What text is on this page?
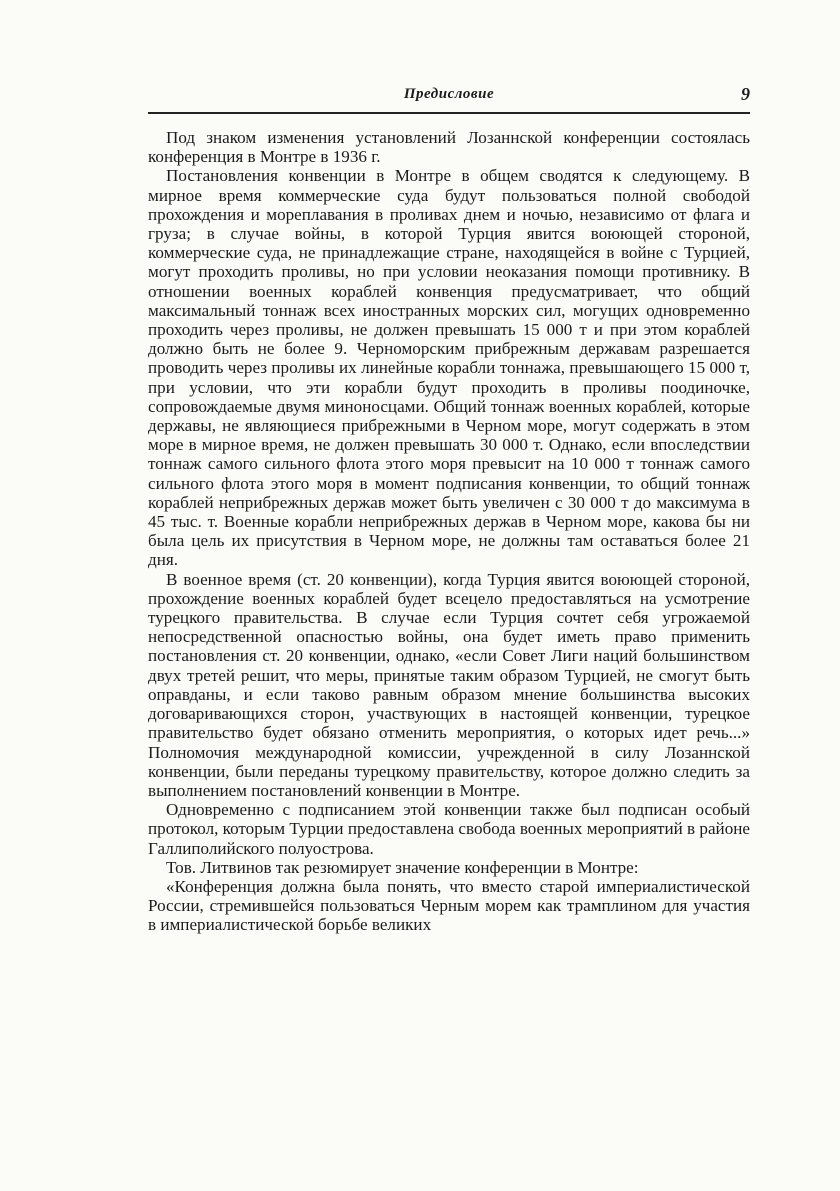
Предисловие	9

Под знаком изменения установлений Лозаннской конференции состоялась конференция в Монтре в 1936 г.

Постановления конвенции в Монтре в общем сводятся к следующему. В мирное время коммерческие суда будут пользоваться полной свободой прохождения и мореплавания в проливах днем и ночью, независимо от флага и груза; в случае войны, в которой Турция явится воюющей стороной, коммерческие суда, не принадлежащие стране, находящейся в войне с Турцией, могут проходить проливы, но при условии неоказания помощи противнику. В отношении военных кораблей конвенция предусматривает, что общий максимальный тоннаж всех иностранных морских сил, могущих одновременно проходить через проливы, не должен превышать 15 000 т и при этом кораблей должно быть не более 9. Черноморским прибрежным державам разрешается проводить через проливы их линейные корабли тоннажа, превышающего 15 000 т, при условии, что эти корабли будут проходить в проливы поодиночке, сопровождаемые двумя миноносцами. Общий тоннаж военных кораблей, которые державы, не являющиеся прибрежными в Черном море, могут содержать в этом море в мирное время, не должен превышать 30 000 т. Однако, если впоследствии тоннаж самого сильного флота этого моря превысит на 10 000 т тоннаж самого сильного флота этого моря в момент подписания конвенции, то общий тоннаж кораблей неприбрежных держав может быть увеличен с 30 000 т до максимума в 45 тыс. т. Военные корабли неприбрежных держав в Черном море, какова бы ни была цель их присутствия в Черном море, не должны там оставаться более 21 дня.

В военное время (ст. 20 конвенции), когда Турция явится воюющей стороной, прохождение военных кораблей будет всецело предоставляться на усмотрение турецкого правительства. В случае если Турция сочтет себя угрожаемой непосредственной опасностью войны, она будет иметь право применить постановления ст. 20 конвенции, однако, «если Совет Лиги наций большинством двух третей решит, что меры, принятые таким образом Турцией, не смогут быть оправданы, и если таково равным образом мнение большинства высоких договаривающихся сторон, участвующих в настоящей конвенции, турецкое правительство будет обязано отменить мероприятия, о которых идет речь...» Полномочия международной комиссии, учрежденной в силу Лозаннской конвенции, были переданы турецкому правительству, которое должно следить за выполнением постановлений конвенции в Монтре.

Одновременно с подписанием этой конвенции также был подписан особый протокол, которым Турции предоставлена свобода военных мероприятий в районе Галлиполийского полуострова.

Тов. Литвинов так резюмирует значение конференции в Монтре:

«Конференция должна была понять, что вместо старой империалистической России, стремившейся пользоваться Черным морем как трамплином для участия в империалистической борьбе великих
